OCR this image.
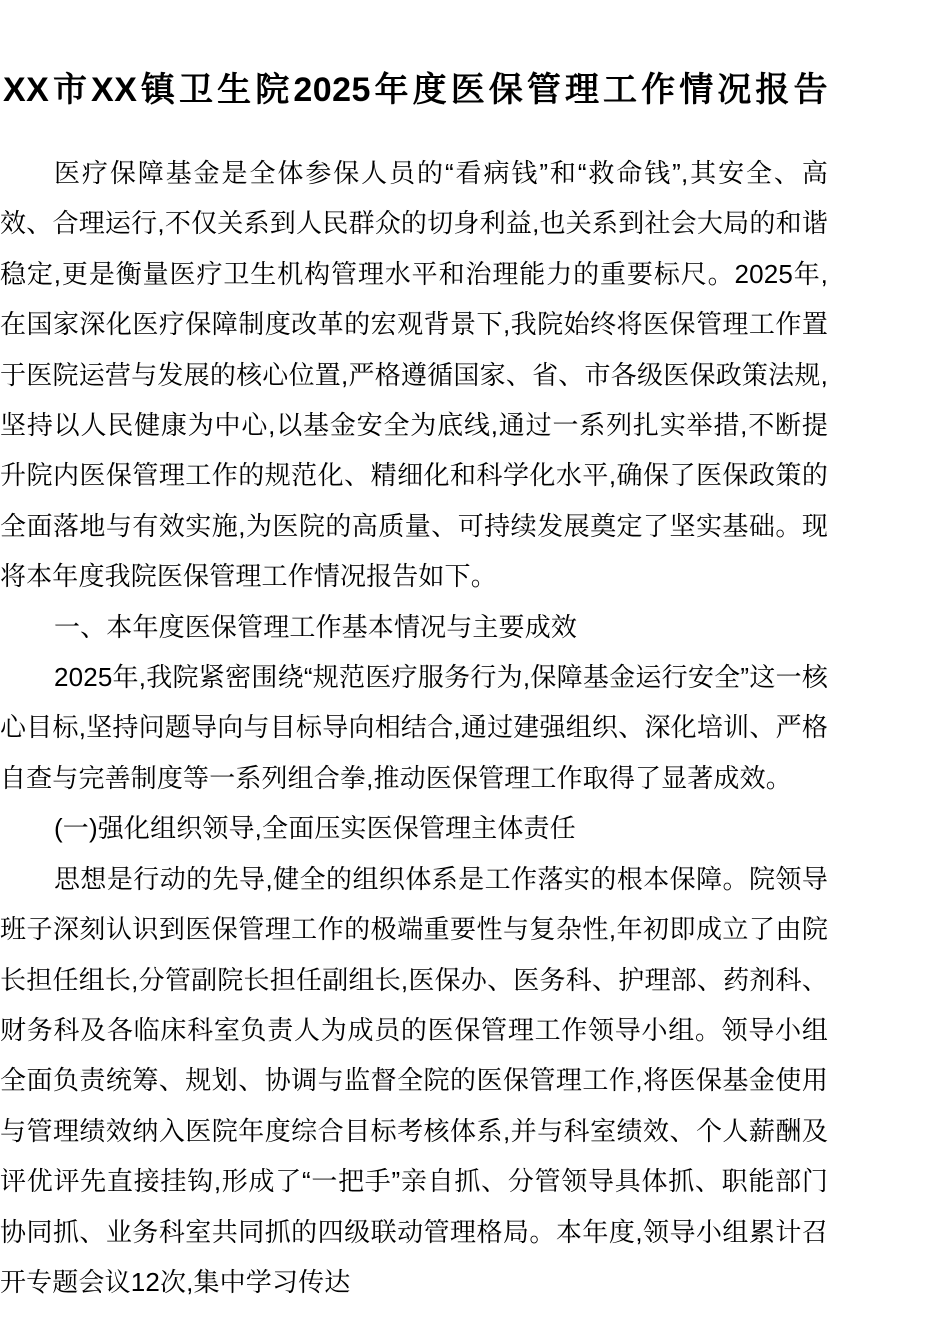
XX市XX镇卫生院2025年度医保管理工作情况报告

医疗保障基金是全体参保人员的“看病钱”和“救命钱”,其安全、高效、合理运行,不仅关系到人民群众的切身利益,也关系到社会大局的和谐稳定,更是衡量医疗卫生机构管理水平和治理能力的重要标尺。2025年,在国家深化医疗保障制度改革的宏观背景下,我院始终将医保管理工作置于医院运营与发展的核心位置,严格遵循国家、省、市各级医保政策法规,坚持以人民健康为中心,以基金安全为底线,通过一系列扎实举措,不断提升院内医保管理工作的规范化、精细化和科学化水平,确保了医保政策的全面落地与有效实施,为医院的高质量、可持续发展奠定了坚实基础。现将本年度我院医保管理工作情况报告如下。

一、本年度医保管理工作基本情况与主要成效

2025年,我院紧密围绕“规范医疗服务行为,保障基金运行安全”这一核心目标,坚持问题导向与目标导向相结合,通过建强组织、深化培训、严格自查与完善制度等一系列组合拳,推动医保管理工作取得了显著成效。

(一)强化组织领导,全面压实医保管理主体责任

思想是行动的先导,健全的组织体系是工作落实的根本保障。院领导班子深刻认识到医保管理工作的极端重要性与复杂性,年初即成立了由院长担任组长,分管副院长担任副组长,医保办、医务科、护理部、药剂科、财务科及各临床科室负责人为成员的医保管理工作领导小组。领导小组全面负责统筹、规划、协调与监督全院的医保管理工作,将医保基金使用与管理绩效纳入医院年度综合目标考核体系,并与科室绩效、个人薪酬及评优评先直接挂钩,形成了“一把手”亲自抓、分管领导具体抓、职能部门协同抓、业务科室共同抓的四级联动管理格局。本年度,领导小组累计召开专题会议12次,集中学习传达
